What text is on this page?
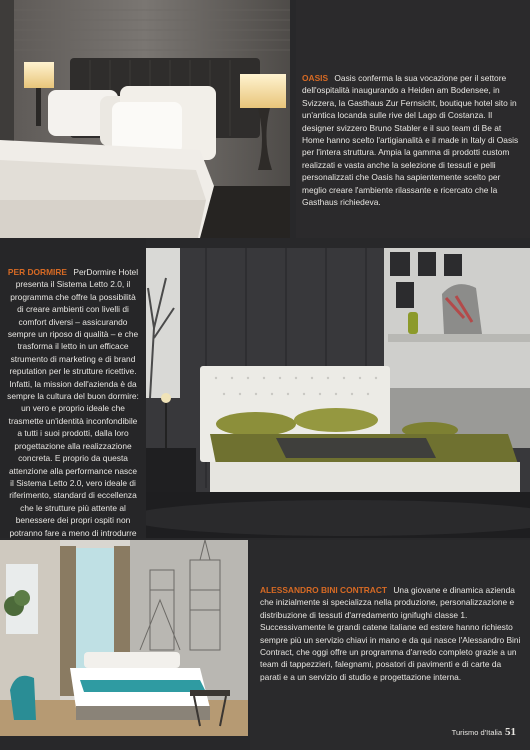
OASIS Oasis conferma la sua vocazione per il settore dell'ospitalità inaugurando a Heiden am Bodensee, in Svizzera, la Gasthaus Zur Fernsicht, boutique hotel sito in un'antica locanda sulle rive del Lago di Costanza. Il designer svizzero Bruno Stabler e il suo team di Be at Home hanno scelto l'artigianalità e il made in Italy di Oasis per l'intera struttura. Ampia la gamma di prodotti custom realizzati e vasta anche la selezione di tessuti e pelli personalizzati che Oasis ha sapientemente scelto per meglio creare l'ambiente rilassante e ricercato che la Gasthaus richiedeva.

PER DORMIRE PerDormire Hotel presenta il Sistema Letto 2.0, il programma che offre la possibilità di creare ambienti con livelli di comfort diversi – assicurando sempre un riposo di qualità – e che trasforma il letto in un efficace strumento di marketing e di brand reputation per le strutture ricettive. Infatti, la mission dell'azienda è da sempre la cultura del buon dormire: un vero e proprio ideale che trasmette un'identità inconfondibile a tutti i suoi prodotti, dalla loro progettazione alla realizzazione concreta. E proprio da questa attenzione alla performance nasce il Sistema Letto 2.0, vero ideale di riferimento, standard di eccellenza che le strutture più attente al benessere dei propri ospiti non potranno fare a meno di introdurre

ALESSANDRO BINI CONTRACT Una giovane e dinamica azienda che inizialmente si specializza nella produzione, personalizzazione e distribuzione di tessuti d'arredamento ignifughi classe 1. Successivamente le grandi catene italiane ed estere hanno richiesto sempre più un servizio chiavi in mano e da qui nasce l'Alessandro Bini Contract, che oggi offre un programma d'arredo completo grazie a un team di tappezzieri, falegnami, posatori di pavimenti e di carte da parati e a un servizio di studio e progettazione interna.

Turismo d'Italia 51
